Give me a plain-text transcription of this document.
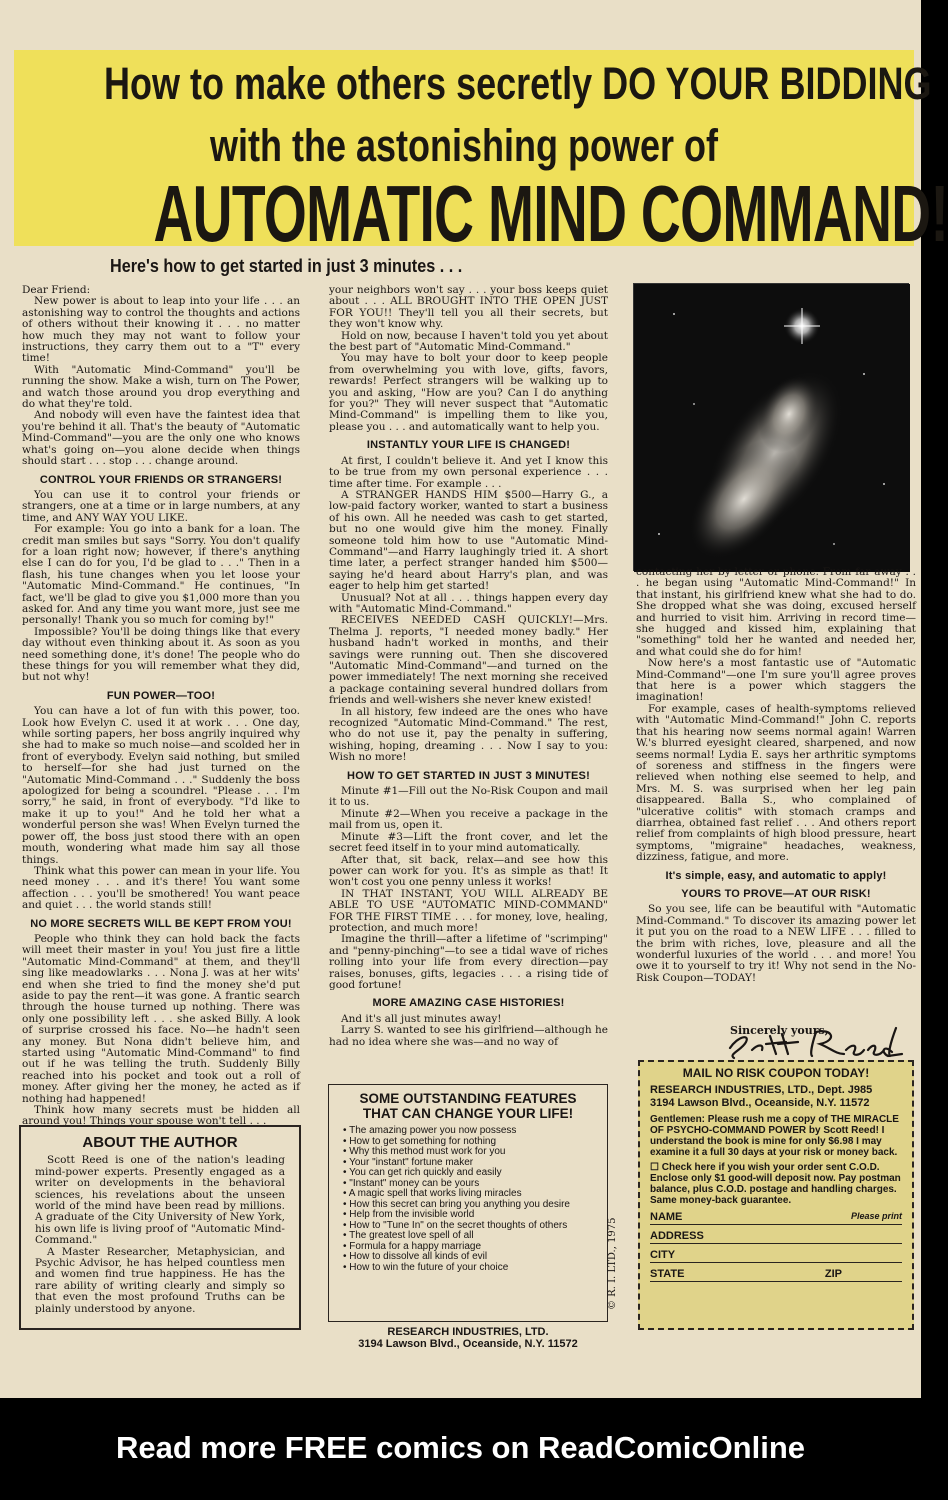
How to make others secretly DO YOUR BIDDING
with the astonishing power of
AUTOMATIC MIND COMMAND!
Here's how to get started in just 3 minutes . . .

Dear Friend:

New power is about to leap into your life . . . an astonishing way to control the thoughts and actions of others without their knowing it . . . no matter how much they may not want to follow your instructions, they carry them out to a "T" every time!

With "Automatic Mind-Command" you'll be running the show. Make a wish, turn on The Power, and watch those around you drop everything and do what they're told.

And nobody will even have the faintest idea that you're behind it all. That's the beauty of "Automatic Mind-Command"—you are the only one who knows what's going on—you alone decide when things should start . . . stop . . . change around.

CONTROL YOUR FRIENDS OR STRANGERS!

You can use it to control your friends or strangers, one at a time or in large numbers, at any time, and ANY WAY YOU LIKE.

For example: You go into a bank for a loan. The credit man smiles but says "Sorry. You don't qualify for a loan right now; however, if there's anything else I can do for you, I'd be glad to . . ." Then in a flash, his tune changes when you let loose your "Automatic Mind-Command." He continues, "In fact, we'll be glad to give you $1,000 more than you asked for. And any time you want more, just see me personally! Thank you so much for coming by!"

Impossible? You'll be doing things like that every day without even thinking about it. As soon as you need something done, it's done! The people who do these things for you will remember what they did, but not why!

FUN POWER—TOO!

You can have a lot of fun with this power, too. Look how Evelyn C. used it at work . . . One day, while sorting papers, her boss angrily inquired why she had to make so much noise—and scolded her in front of everybody. Evelyn said nothing, but smiled to herself—for she had just turned on the "Automatic Mind-Command . . ." Suddenly the boss apologized for being a scoundrel. "Please . . . I'm sorry," he said, in front of everybody. "I'd like to make it up to you!" And he told her what a wonderful person she was! When Evelyn turned the power off, the boss just stood there with an open mouth, wondering what made him say all those things.

Think what this power can mean in your life. You need money . . . and it's there! You want some affection . . . you'll be smothered! You want peace and quiet . . . the world stands still!

NO MORE SECRETS WILL BE KEPT FROM YOU!

People who think they can hold back the facts will meet their master in you! You just fire a little "Automatic Mind-Command" at them, and they'll sing like meadowlarks . . . Nona J. was at her wits' end when she tried to find the money she'd put aside to pay the rent—it was gone. A frantic search through the house turned up nothing. There was only one possibility left . . . she asked Billy. A look of surprise crossed his face. No—he hadn't seen any money. But Nona didn't believe him, and started using "Automatic Mind-Command" to find out if he was telling the truth. Suddenly Billy reached into his pocket and took out a roll of money. After giving her the money, he acted as if nothing had happened!

Think how many secrets must be hidden all around you! Things your spouse won't tell . . .

your neighbors won't say . . . your boss keeps quiet about . . . ALL BROUGHT INTO THE OPEN JUST FOR YOU!! They'll tell you all their secrets, but they won't know why.

Hold on now, because I haven't told you yet about the best part of "Automatic Mind-Command."

You may have to bolt your door to keep people from overwhelming you with love, gifts, favors, rewards! Perfect strangers will be walking up to you and asking, "How are you? Can I do anything for you?" They will never suspect that "Automatic Mind-Command" is impelling them to like you, please you . . . and automatically want to help you.

INSTANTLY YOUR LIFE IS CHANGED!

At first, I couldn't believe it. And yet I know this to be true from my own personal experience . . . time after time. For example . . .

A STRANGER HANDS HIM $500—Harry G., a low-paid factory worker, wanted to start a business of his own. All he needed was cash to get started, but no one would give him the money. Finally someone told him how to use "Automatic Mind-Command"—and Harry laughingly tried it. A short time later, a perfect stranger handed him $500—saying he'd heard about Harry's plan, and was eager to help him get started!

Unusual? Not at all . . . things happen every day with "Automatic Mind-Command."

RECEIVES NEEDED CASH QUICKLY!—Mrs. Thelma J. reports, "I needed money badly." Her husband hadn't worked in months, and their savings were running out. Then she discovered "Automatic Mind-Command"—and turned on the power immediately! The next morning she received a package containing several hundred dollars from friends and well-wishers she never knew existed!

In all history, few indeed are the ones who have recognized "Automatic Mind-Command." The rest, who do not use it, pay the penalty in suffering, wishing, hoping, dreaming . . . Now I say to you: Wish no more!

HOW TO GET STARTED IN JUST 3 MINUTES!

Minute #1—Fill out the No-Risk Coupon and mail it to us.

Minute #2—When you receive a package in the mail from us, open it.

Minute #3—Lift the front cover, and let the secret feed itself in to your mind automatically.

After that, sit back, relax—and see how this power can work for you. It's as simple as that! It won't cost you one penny unless it works!

IN THAT INSTANT, YOU WILL ALREADY BE ABLE TO USE "AUTOMATIC MIND-COMMAND" FOR THE FIRST TIME . . . for money, love, healing, protection, and much more!

Imagine the thrill—after a lifetime of "scrimping" and "penny-pinching"—to see a tidal wave of riches rolling into your life from every direction—pay raises, bonuses, gifts, legacies . . . a rising tide of good fortune!

MORE AMAZING CASE HISTORIES!

And it's all just minutes away!

Larry S. wanted to see his girlfriend—although he had no idea where she was—and no way of

contacting her by letter or phone. From far away . . . he began using "Automatic Mind-Command!" In that instant, his girlfriend knew what she had to do. She dropped what she was doing, excused herself and hurried to visit him. Arriving in record time—she hugged and kissed him, explaining that "something" told her he wanted and needed her, and what could she do for him!

Now here's a most fantastic use of "Automatic Mind-Command"—one I'm sure you'll agree proves that here is a power which staggers the imagination!

For example, cases of health-symptoms relieved with "Automatic Mind-Command!" John C. reports that his hearing now seems normal again! Warren W.'s blurred eyesight cleared, sharpened, and now seems normal! Lydia E. says her arthritic symptoms of soreness and stiffness in the fingers were relieved when nothing else seemed to help, and Mrs. M. S. was surprised when her leg pain disappeared. Balla S., who complained of "ulcerative colitis" with stomach cramps and diarrhea, obtained fast relief . . . And others report relief from complaints of high blood pressure, heart symptoms, "migraine" headaches, weakness, dizziness, fatigue, and more.

It's simple, easy, and automatic to apply!
YOURS TO PROVE—AT OUR RISK!

So you see, life can be beautiful with "Automatic Mind-Command." To discover its amazing power let it put you on the road to a NEW LIFE . . . filled to the brim with riches, love, pleasure and all the wonderful luxuries of the world . . . and more! You owe it to yourself to try it! Why not send in the No-Risk Coupon—TODAY!

Sincerely yours,
ABOUT THE AUTHOR

Scott Reed is one of the nation's leading mind-power experts. Presently engaged as a writer on developments in the behavioral sciences, his revelations about the unseen world of the mind have been read by millions. A graduate of the City University of New York, his own life is living proof of "Automatic Mind-Command."

A Master Researcher, Metaphysician, and Psychic Advisor, he has helped countless men and women find true happiness. He has the rare ability of writing clearly and simply so that even the most profound Truths can be plainly understood by anyone.

SOME OUTSTANDING FEATURES
THAT CAN CHANGE YOUR LIFE!
• The amazing power you now possess
• How to get something for nothing
• Why this method must work for you
• Your "instant" fortune maker
• You can get rich quickly and easily
• "Instant" money can be yours
• A magic spell that works living miracles
• How this secret can bring you anything you desire
• Help from the invisible world
• How to "Tune In" on the secret thoughts of others
• The greatest love spell of all
• Formula for a happy marriage
• How to dissolve all kinds of evil
• How to win the future of your choice
RESEARCH INDUSTRIES, LTD.
3194 Lawson Blvd., Oceanside, N.Y. 11572
© R. I. LTD., 1975
MAIL NO RISK COUPON TODAY!
RESEARCH INDUSTRIES, LTD., Dept. J985
3194 Lawson Blvd., Oceanside, N.Y. 11572
Gentlemen: Please rush me a copy of THE MIRACLE OF PSYCHO-COMMAND POWER by Scott Reed! I understand the book is mine for only $6.98 I may examine it a full 30 days at your risk or money back.
☐ Check here if you wish your order sent C.O.D. Enclose only $1 good-will deposit now. Pay postman balance, plus C.O.D. postage and handling charges. Same money-back guarantee.
NAME	Please print
ADDRESS
CITY
STATE	ZIP
Read more FREE comics on ReadComicOnline
